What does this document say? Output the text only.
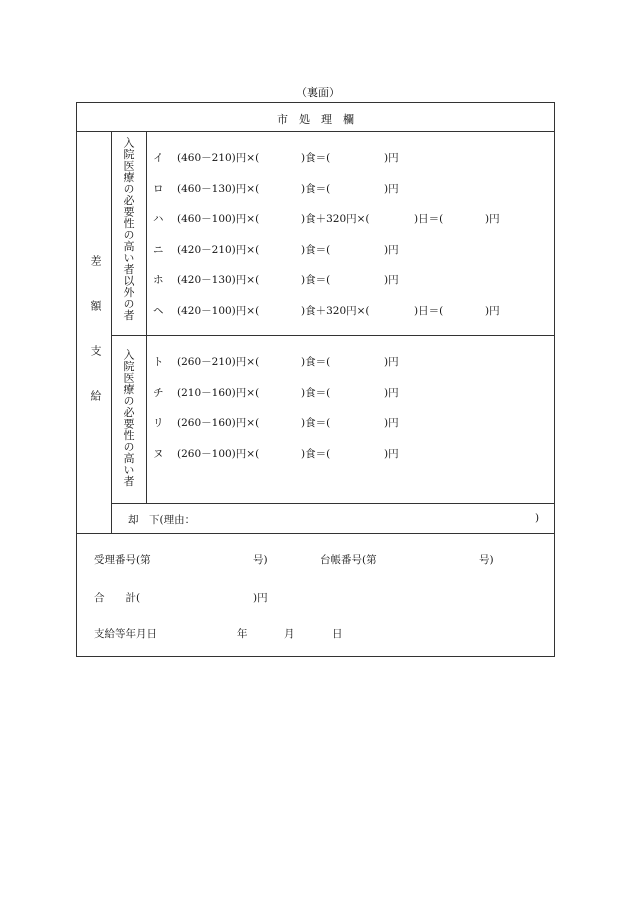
（裏面）
市　処　理　欄
差額支給
入院医療の必要性の高い者以外の者
入院医療の必要性の高い者
イ (460－210)円×(	)食＝(	)円
ロ (460－130)円×(	)食＝(	)円
ハ (460－100)円×(	)食＋320円×(	)日＝(	)円
ニ (420－210)円×(	)食＝(	)円
ホ (420－130)円×(	)食＝(	)円
ヘ (420－100)円×(	)食＋320円×(	)日＝(	)円
ト (260－210)円×(	)食＝(	)円
チ (210－160)円×(	)食＝(	)円
リ (260－160)円×(	)食＝(	)円
ヌ (260－100)円×(	)食＝(	)円
却　下(理由：	)
受理番号(第	号)	台帳番号(第	号)
合　　計(	)円
支給等年月日	年	月	日
